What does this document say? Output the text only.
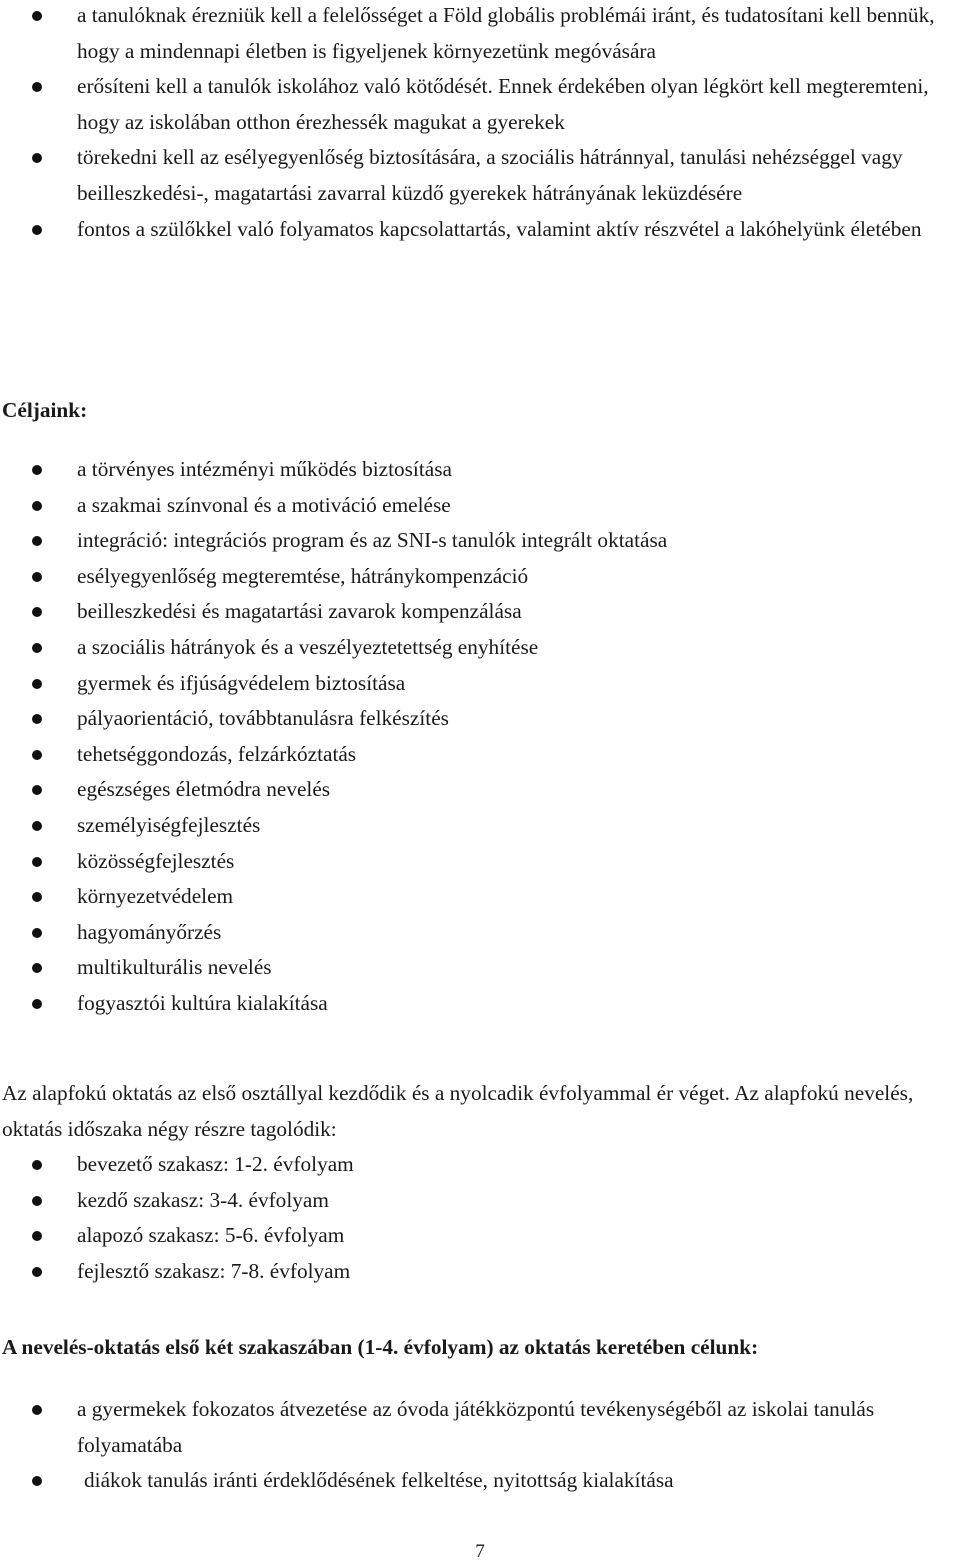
a tanulóknak érezniük kell a felelősséget a Föld globális problémái iránt, és tudatosítani kell bennük, hogy a mindennapi életben is figyeljenek környezetünk megóvására
erősíteni kell a tanulók iskolához való kötődését. Ennek érdekében olyan légkört kell megteremteni, hogy az iskolában otthon érezhessék magukat a gyerekek
törekedni kell az esélyegyenlőség biztosítására, a szociális hátránnyal, tanulási nehézséggel vagy beilleszkedési-, magatartási zavarral küzdő gyerekek hátrányának leküzdésére
fontos a szülőkkel való folyamatos kapcsolattartás, valamint aktív részvétel a lakóhelyünk életében
Céljaink:
a törvényes intézményi működés biztosítása
a szakmai színvonal és a motiváció emelése
integráció: integrációs program és az SNI-s tanulók integrált oktatása
esélyegyenlőség megteremtése, hátránykompenzáció
beilleszkedési és magatartási zavarok kompenzálása
a szociális hátrányok és a veszélyeztetettség enyhítése
gyermek és ifjúságvédelem biztosítása
pályaorientáció, továbbtanulásra felkészítés
tehetséggondozás, felzárkóztatás
egészséges életmódra nevelés
személyiségfejlesztés
közösségfejlesztés
környezetvédelem
hagyományőrzés
multikulturális nevelés
fogyasztói kultúra kialakítása
Az alapfokú oktatás az első osztállyal kezdődik és a nyolcadik évfolyammal ér véget. Az alapfokú nevelés, oktatás időszaka négy részre tagolódik:
bevezető szakasz: 1-2. évfolyam
kezdő szakasz: 3-4. évfolyam
alapozó szakasz: 5-6. évfolyam
fejlesztő szakasz: 7-8. évfolyam
A nevelés-oktatás első két szakaszában (1-4. évfolyam) az oktatás keretében célunk:
a gyermekek fokozatos átvezetése az óvoda játékközpontú tevékenységéből az iskolai tanulás folyamatába
diákok tanulás iránti érdeklődésének felkeltése, nyitottság kialakítása
7
